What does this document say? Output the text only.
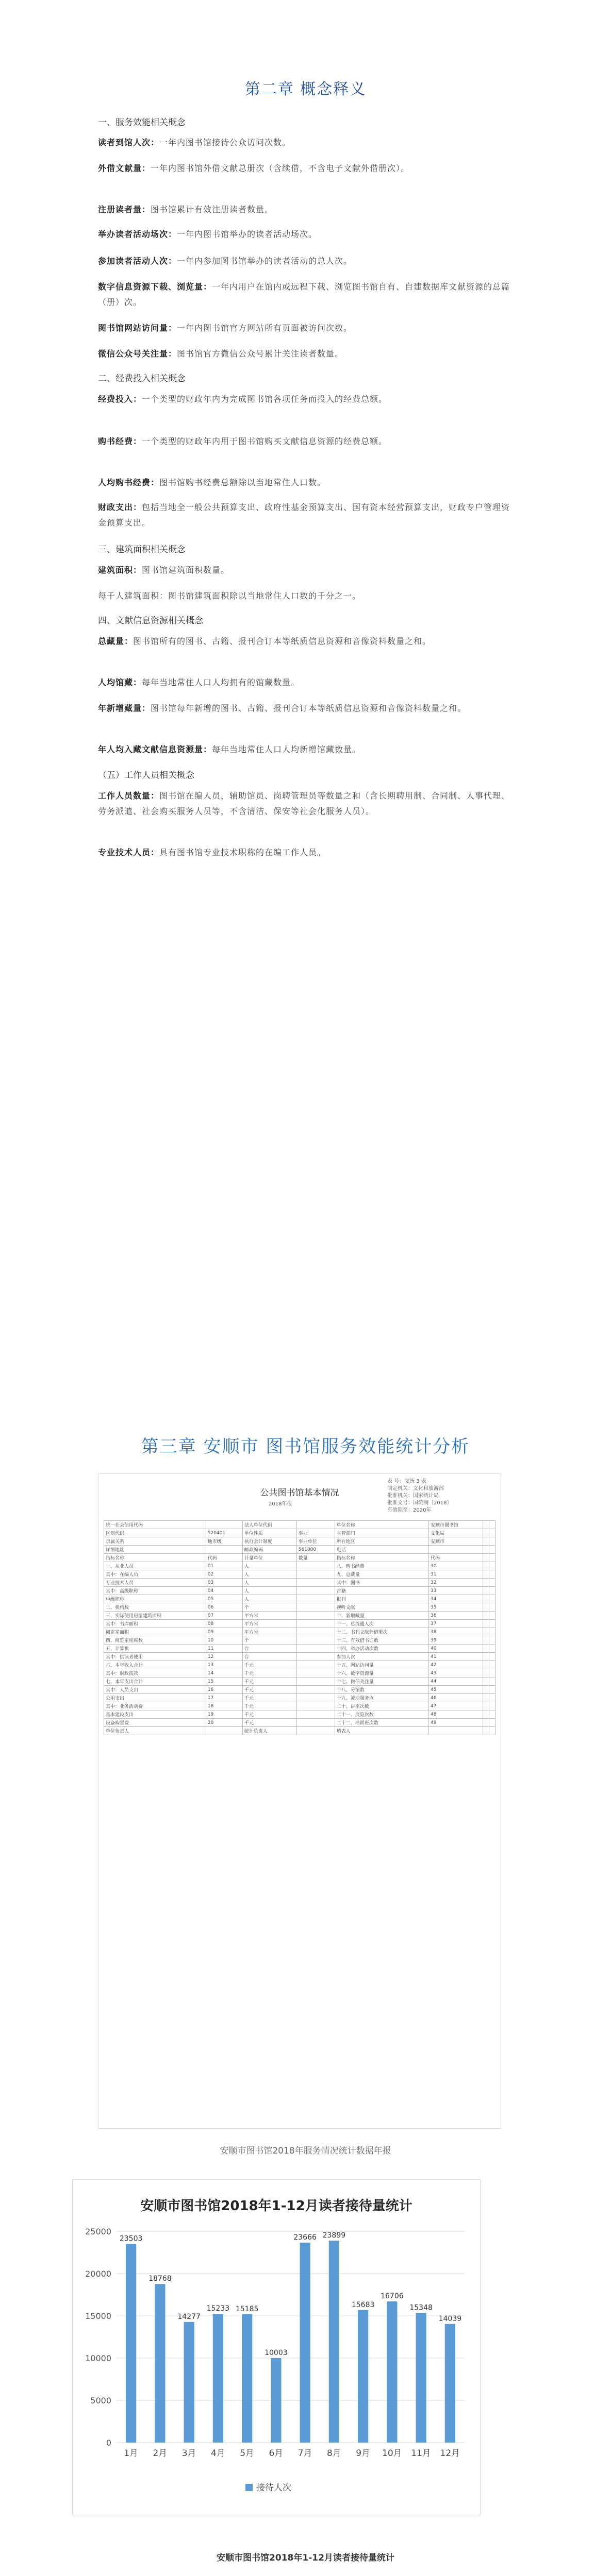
第二章 概念释义
一、服务效能相关概念
读者到馆人次：一年内图书馆接待公众访问次数。
外借文献量：一年内图书馆外借文献总册次（含续借，不含电子文献外借册次）。
注册读者量：图书馆累计有效注册读者数量。
举办读者活动场次：一年内图书馆举办的读者活动场次。
参加读者活动人次：一年内参加图书馆举办的读者活动的总人次。
数字信息资源下载、浏览量：一年内用户在馆内或远程下载、浏览图书馆自有、自建数据库文献资源的总篇（册）次。
图书馆网站访问量：一年内图书馆官方网站所有页面被访问次数。
微信公众号关注量：图书馆官方微信公众号累计关注读者数量。
二、经费投入相关概念
经费投入：一个类型的财政年内为完成图书馆各项任务而投入的经费总额。
购书经费：一个类型的财政年内用于图书馆购买文献信息资源的经费总额。
人均购书经费：图书馆购书经费总额除以当地常住人口数。
财政支出：包括当地全一般公共预算支出、政府性基金预算支出、国有资本经营预算支出，财政专户管理资金预算支出。
三、建筑面积相关概念
建筑面积：图书馆建筑面积数量。
每千人建筑面积：图书馆建筑面积除以当地常住人口数的千分之一。
四、文献信息资源相关概念
总藏量：图书馆所有的图书、古籍、报刊合订本等纸质信息资源和音像资料数量之和。
人均馆藏：每年当地常住人口人均拥有的馆藏数量。
年新增藏量：图书馆每年新增的图书、古籍、报刊合订本等纸质信息资源和音像资料数量之和。
年人均入藏文献信息资源量：每年当地常住人口人均新增馆藏数量。
（五）工作人员相关概念
工作人员数量：图书馆在编人员，辅助馆员、岗聘管理员等数量之和（含长期聘用制、合同制、人事代理、劳务派遣、社会购买服务人员等，不含清洁、保安等社会化服务人员）。
专业技术人员：具有图书馆专业技术职称的在编工作人员。
第三章 安顺市 图书馆服务效能统计分析
公共图书馆基本情况
2018年报
表 号：文统 3 表
制定机关：文化和旅游部
批准机关：国家统计局
批准文号：国统制〔2018〕
有效期至：2020年
统一社会信用代码		法人单位代码		单位名称	安顺市图书馆		
区划代码	520401	单位性质	事业	主管部门	文化局		
隶属关系	地市级	执行会计制度	事业单位	所在地区	安顺市		
详细地址		邮政编码	561000	电话			
指标名称	代码	计量单位	数量	指标名称	代码		
一、从业人员	01	人		八、购书经费	30		
其中：在编人员	02	人		九、总藏量	31		
专业技术人员	03	人		其中：图书	32		
其中：高级职称	04	人		古籍	33		
中级职称	05	人		报刊	34		
二、机构数	06	个		视听文献	35		
三、实际使用房屋建筑面积	07	平方米		十、新增藏量	36		
其中：书库面积	08	平方米		十一、总流通人次	37		
阅览室面积	09	平方米		十二、书刊文献外借册次	38		
四、阅览室座席数	10	个		十三、有效借书证数	39		
五、计算机	11	台		十四、举办活动次数	40		
其中：供读者使用	12	台		参加人次	41		
六、本年收入合计	13	千元		十五、网站访问量	42		
其中：财政拨款	14	千元		十六、数字资源量	43		
七、本年支出合计	15	千元		十七、微信关注量	44		
其中：人员支出	16	千元		十八、分馆数	45		
公用支出	17	千元		十九、流动服务点	46		
其中：业务活动费	18	千元		二十、讲座次数	47		
基本建设支出	19	千元		二十一、展览次数	48		
设备购置费	20	千元		二十二、培训班次数	49		
单位负责人		统计负责人		填表人			
安顺市图书馆2018年服务情况统计数据年报
安顺市图书馆2018年1-12月读者接待量统计
0
5000
10000
15000
20000
25000
23503
1月
18768
2月
14277
3月
15233
4月
15185
5月
10003
6月
23666
7月
23899
8月
15683
9月
16706
10月
15348
11月
14039
12月
接待人次
安顺市图书馆2018年1-12月读者接待量统计
